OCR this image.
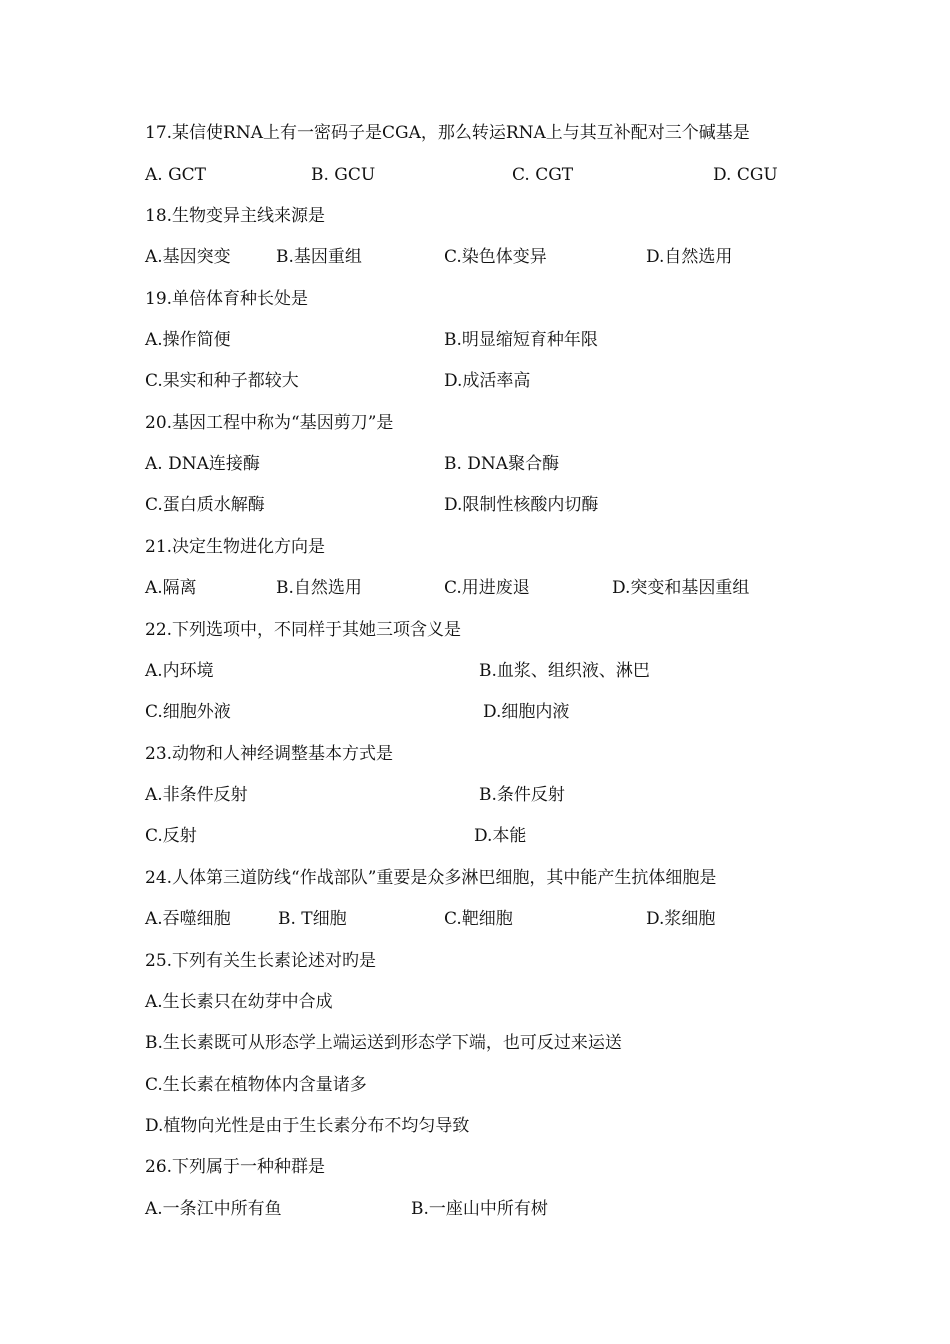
17.某信使RNA上有一密码子是CGA，那么转运RNA上与其互补配对三个碱基是
A. GCT	B. GCU	C. CGT	D. CGU
18.生物变异主线来源是
A.基因突变	B.基因重组	C.染色体变异	D.自然选用
19.单倍体育种长处是
A.操作简便	B.明显缩短育种年限
C.果实和种子都较大	D.成活率高
20.基因工程中称为“基因剪刀”是
A. DNA连接酶	B. DNA聚合酶
C.蛋白质水解酶	D.限制性核酸内切酶
21.决定生物进化方向是
A.隔离	B.自然选用	C.用进废退	D.突变和基因重组
22.下列选项中，不同样于其她三项含义是
A.内环境	B.血浆、组织液、淋巴
C.细胞外液	D.细胞内液
23.动物和人神经调整基本方式是
A.非条件反射	B.条件反射
C.反射	D.本能
24.人体第三道防线“作战部队”重要是众多淋巴细胞，其中能产生抗体细胞是
A.吞噬细胞	B. T细胞	C.靶细胞	D.浆细胞
25.下列有关生长素论述对旳是
A.生长素只在幼芽中合成
B.生长素既可从形态学上端运送到形态学下端，也可反过来运送
C.生长素在植物体内含量诸多
D.植物向光性是由于生长素分布不均匀导致
26.下列属于一种种群是
A.一条江中所有鱼	B.一座山中所有树
